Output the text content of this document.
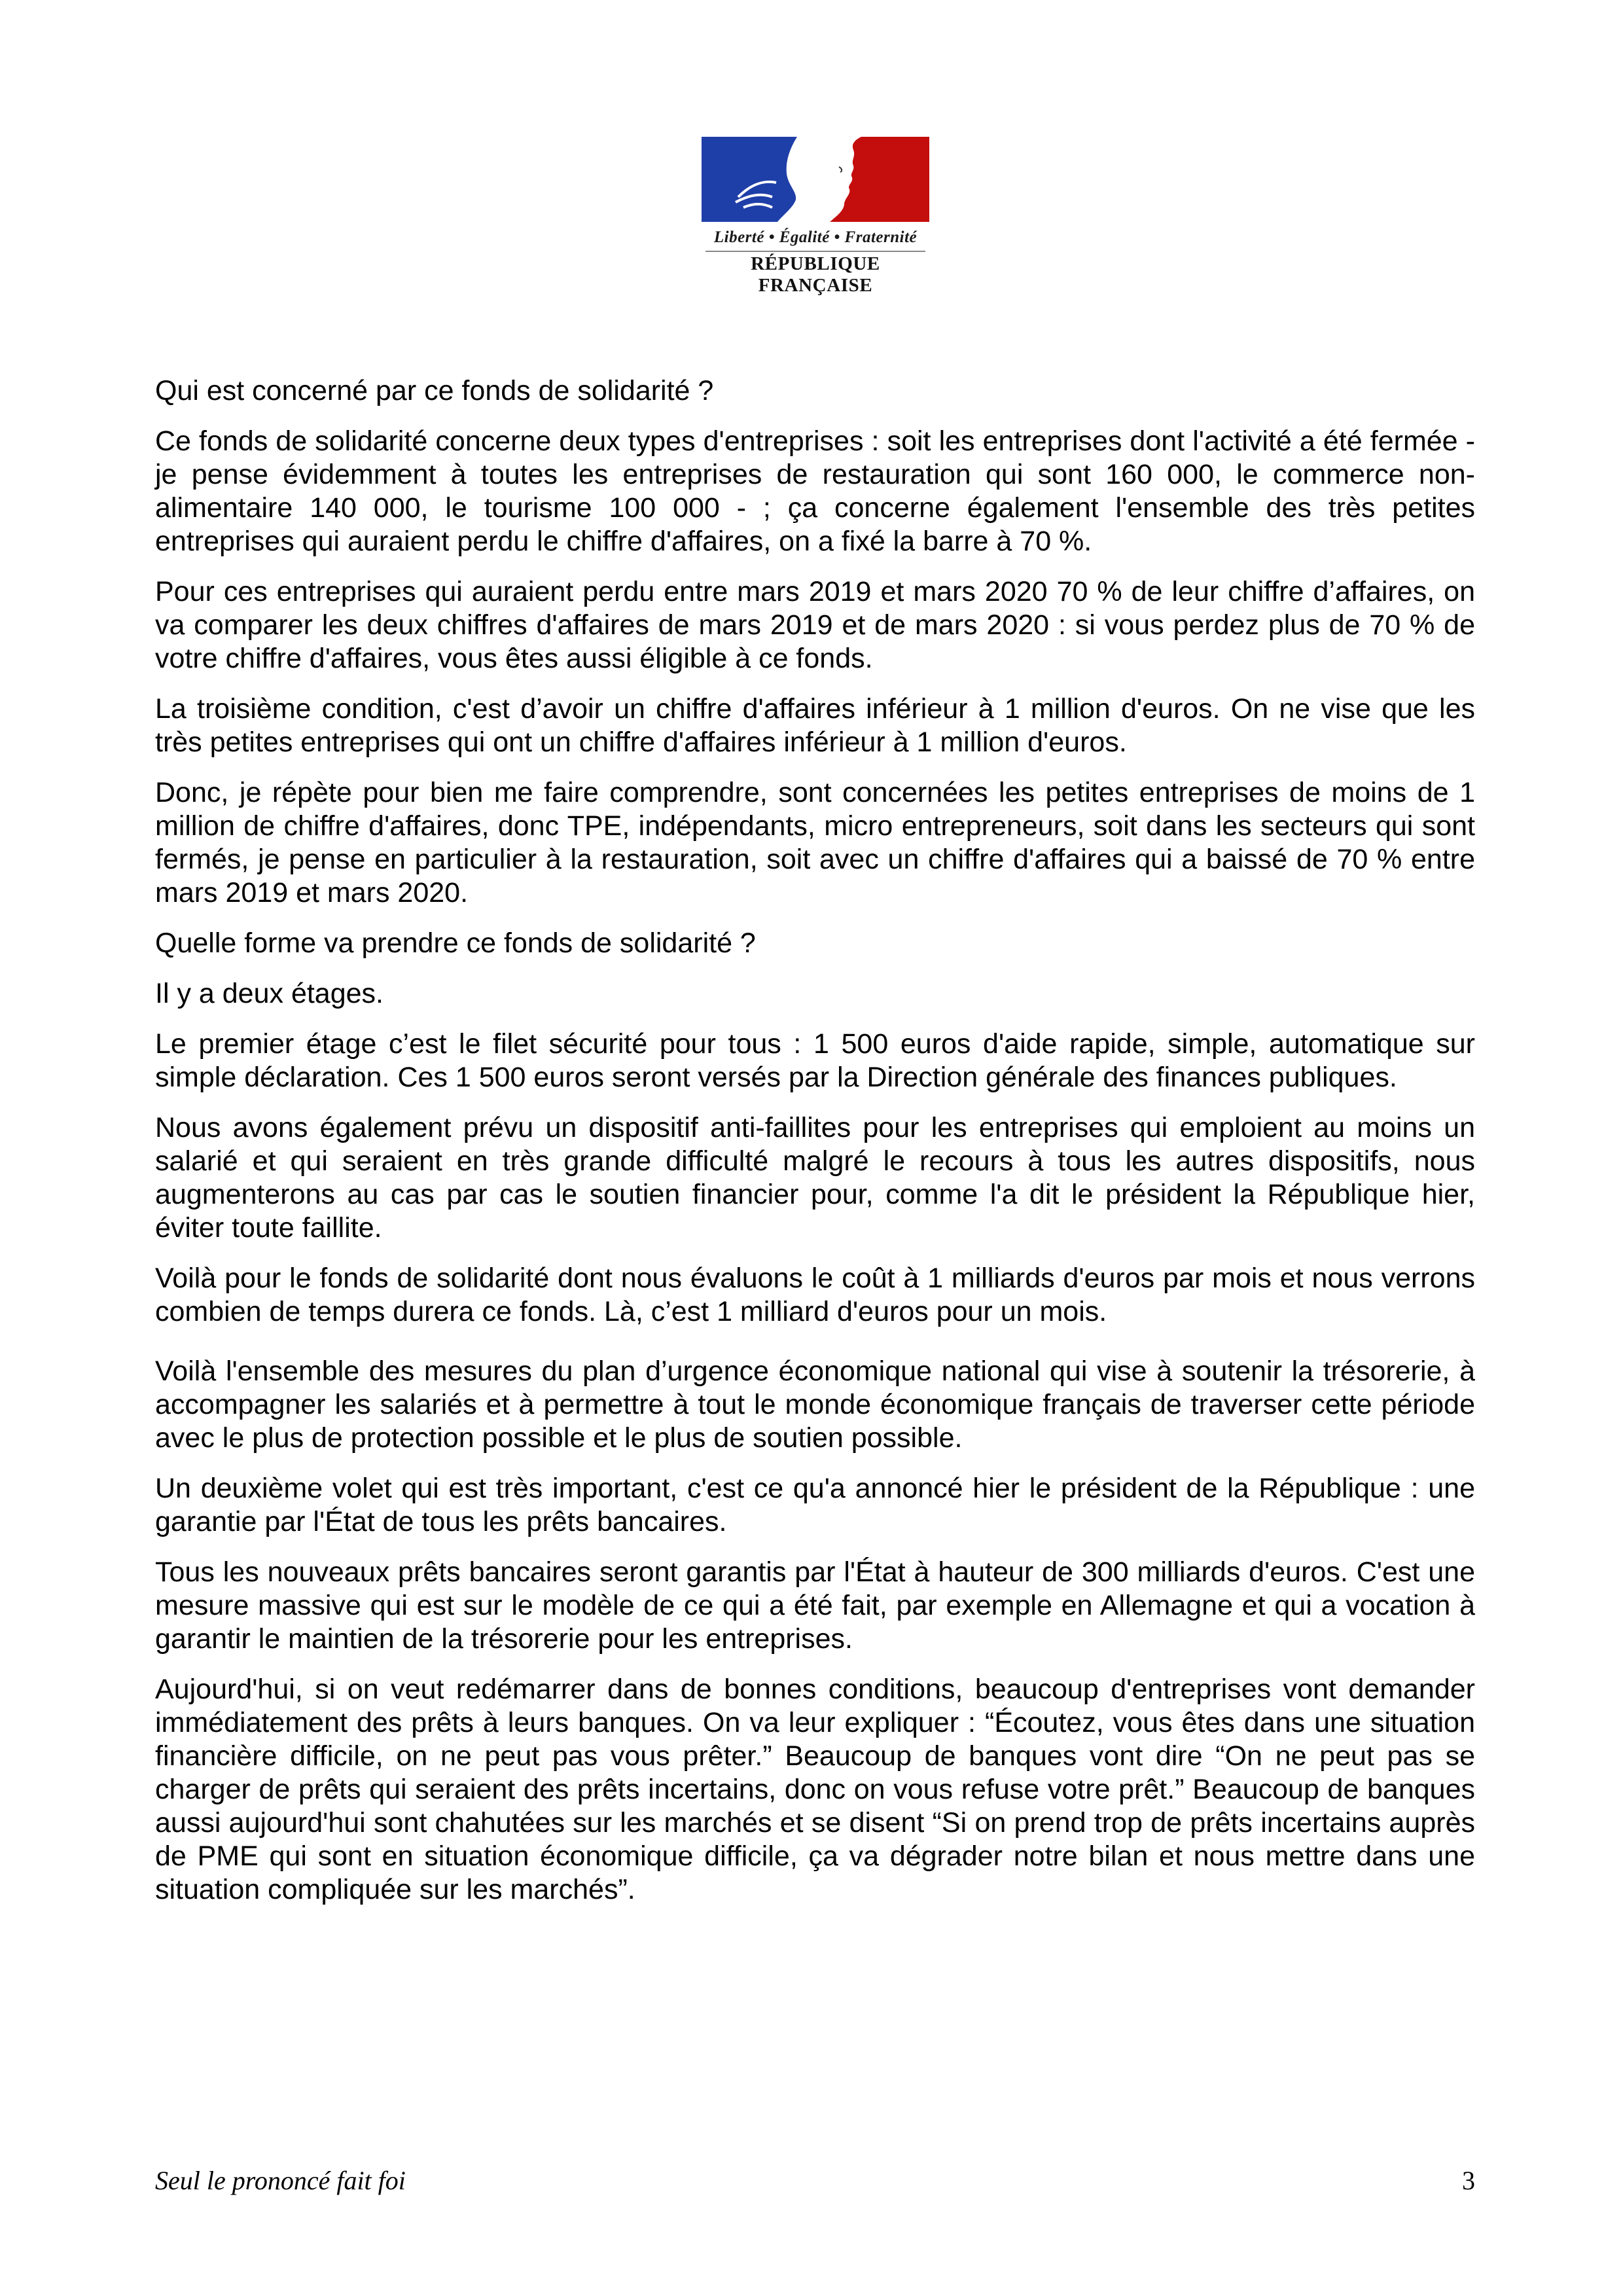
Liberté • Égalité • Fraternité
RÉPUBLIQUE FRANÇAISE

Qui est concerné par ce fonds de solidarité ?

Ce fonds de solidarité concerne deux types d'entreprises : soit les entreprises dont l'activité a été fermée - je pense évidemment à toutes les entreprises de restauration qui sont 160 000, le commerce non-alimentaire 140 000, le tourisme 100 000 - ; ça concerne également l'ensemble des très petites entreprises qui auraient perdu le chiffre d'affaires, on a fixé la barre à 70 %.

Pour ces entreprises qui auraient perdu entre mars 2019 et mars 2020 70 % de leur chiffre d’affaires, on va comparer les deux chiffres d'affaires de mars 2019 et de mars 2020 : si vous perdez plus de 70 % de votre chiffre d'affaires, vous êtes aussi éligible à ce fonds.

La troisième condition, c'est d’avoir un chiffre d'affaires inférieur à 1 million d'euros. On ne vise que les très petites entreprises qui ont un chiffre d'affaires inférieur à 1 million d'euros.

Donc, je répète pour bien me faire comprendre, sont concernées les petites entreprises de moins de 1 million de chiffre d'affaires, donc TPE, indépendants, micro entrepreneurs, soit dans les secteurs qui sont fermés, je pense en particulier à la restauration, soit avec un chiffre d'affaires qui a baissé de 70 % entre mars 2019 et mars 2020.

Quelle forme va prendre ce fonds de solidarité ?

Il y a deux étages.

Le premier étage c’est le filet sécurité pour tous : 1 500 euros d'aide rapide, simple, automatique sur simple déclaration. Ces 1 500 euros seront versés par la Direction générale des finances publiques.

Nous avons également prévu un dispositif anti-faillites pour les entreprises qui emploient au moins un salarié et qui seraient en très grande difficulté malgré le recours à tous les autres dispositifs, nous augmenterons au cas par cas le soutien financier pour, comme l'a dit le président la République hier, éviter toute faillite.

Voilà pour le fonds de solidarité dont nous évaluons le coût à 1 milliards d'euros par mois et nous verrons combien de temps durera ce fonds. Là, c’est 1 milliard d'euros pour un mois.

Voilà l'ensemble des mesures du plan d’urgence économique national qui vise à soutenir la trésorerie, à accompagner les salariés et à permettre à tout le monde économique français de traverser cette période avec le plus de protection possible et le plus de soutien possible.

Un deuxième volet qui est très important, c'est ce qu'a annoncé hier le président de la République : une garantie par l'État de tous les prêts bancaires.

Tous les nouveaux prêts bancaires seront garantis par l'État à hauteur de 300 milliards d'euros. C'est une mesure massive qui est sur le modèle de ce qui a été fait, par exemple en Allemagne et qui a vocation à garantir le maintien de la trésorerie pour les entreprises.

Aujourd'hui, si on veut redémarrer dans de bonnes conditions, beaucoup d'entreprises vont demander immédiatement des prêts à leurs banques. On va leur expliquer : “Écoutez, vous êtes dans une situation financière difficile, on ne peut pas vous prêter.” Beaucoup de banques vont dire “On ne peut pas se charger de prêts qui seraient des prêts incertains, donc on vous refuse votre prêt.” Beaucoup de banques aussi aujourd'hui sont chahutées sur les marchés et se disent “Si on prend trop de prêts incertains auprès de PME qui sont en situation économique difficile, ça va dégrader notre bilan et nous mettre dans une situation compliquée sur les marchés”.

Seul le prononcé fait foi	3
